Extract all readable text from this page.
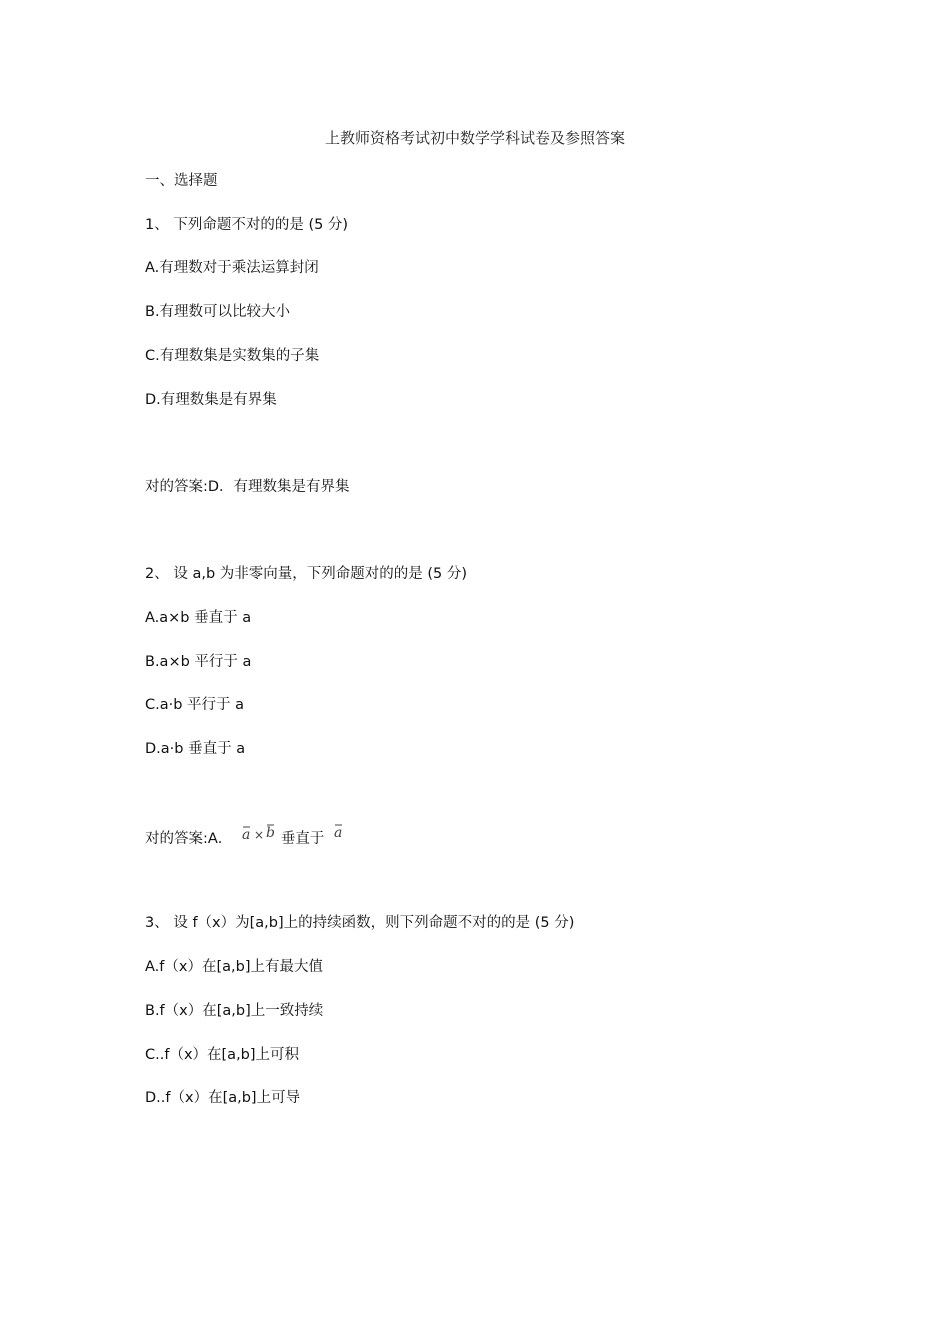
上教师资格考试初中数学学科试卷及参照答案
一、选择题
1、 下列命题不对的的是 (5 分)
A.有理数对于乘法运算封闭
B.有理数可以比较大小
C.有理数集是实数集的子集
D.有理数集是有界集
对的答案:D．有理数集是有界集
2、 设 a,b 为非零向量，下列命题对的的是 (5 分)
A.a×b 垂直于 a
B.a×b 平行于 a
C.a·b 平行于 a
D.a·b 垂直于 a
对的答案:A． a × b 垂直于 a
3、 设 f（x）为[a,b]上的持续函数，则下列命题不对的的是 (5 分)
A.f（x）在[a,b]上有最大值
B.f（x）在[a,b]上一致持续
C..f（x）在[a,b]上可积
D..f（x）在[a,b]上可导
